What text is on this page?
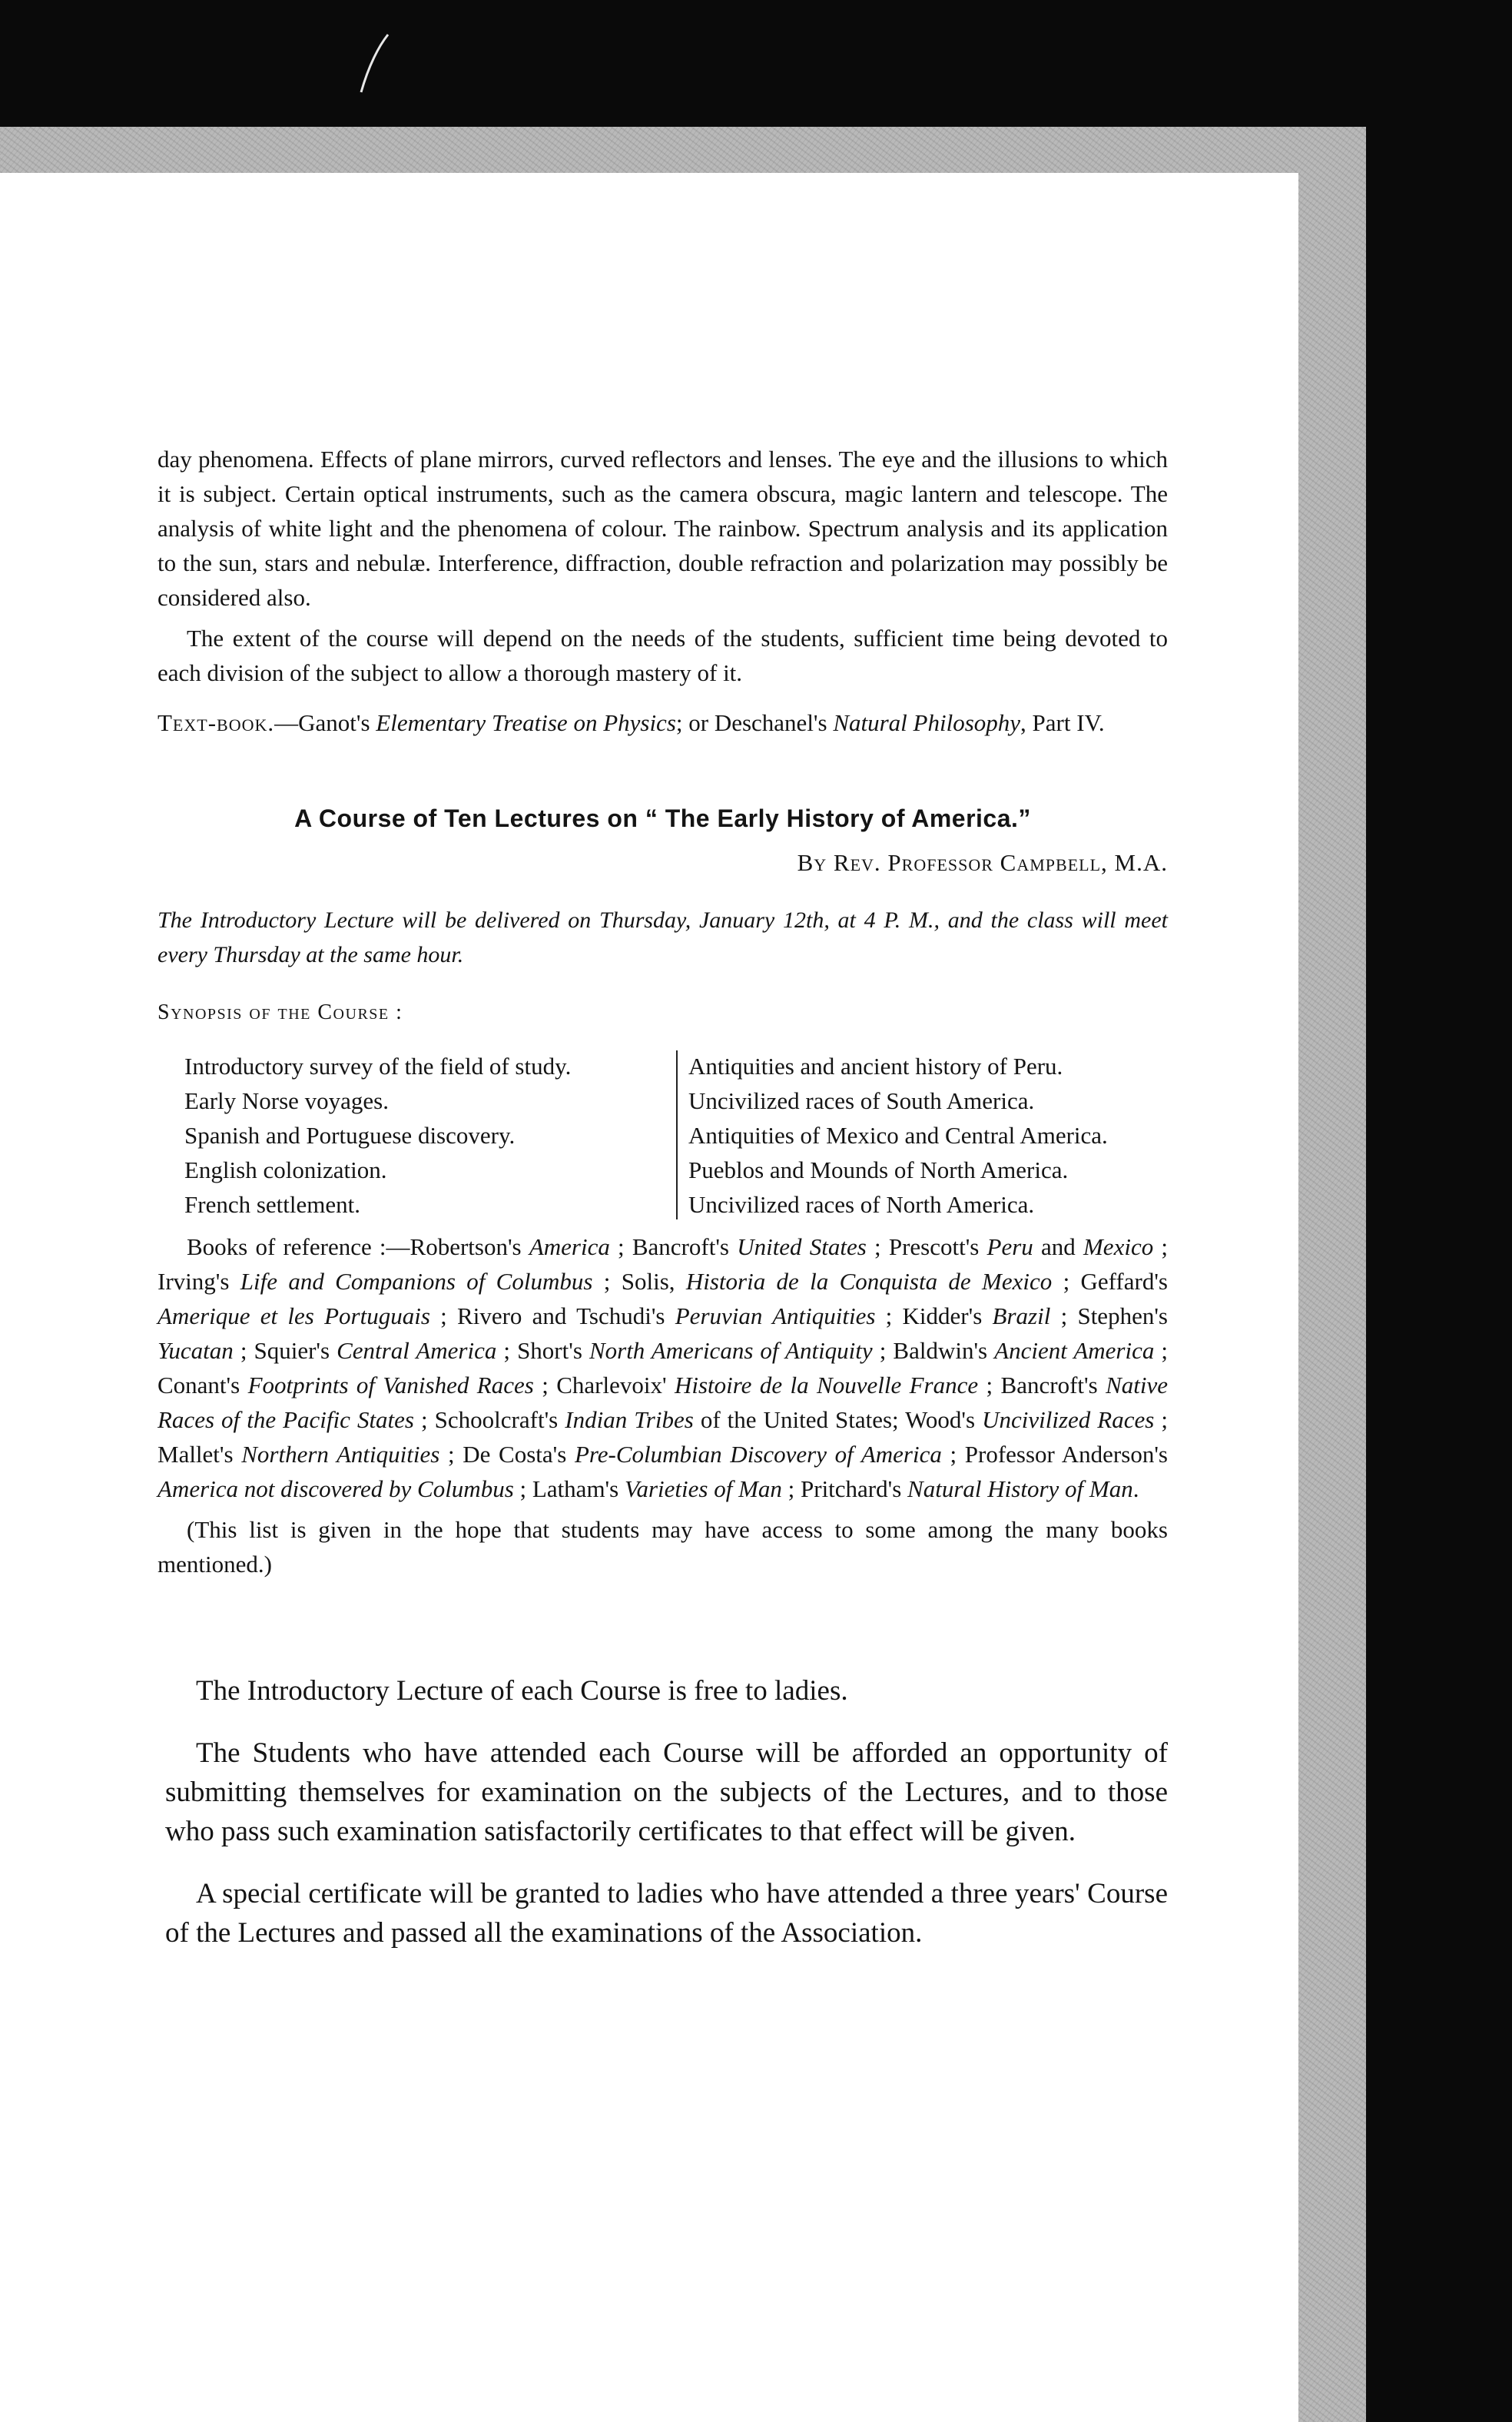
day phenomena. Effects of plane mirrors, curved reflectors and lenses. The eye and the illusions to which it is subject. Certain optical instruments, such as the camera obscura, magic lantern and telescope. The analysis of white light and the phenomena of colour. The rainbow. Spectrum analysis and its application to the sun, stars and nebulæ. Interference, diffraction, double refraction and polarization may possibly be considered also.

The extent of the course will depend on the needs of the students, sufficient time being devoted to each division of the subject to allow a thorough mastery of it.

Text-book.—Ganot's Elementary Treatise on Physics; or Deschanel's Natural Philosophy, Part IV.

A Course of Ten Lectures on “ The Early History of America.”

By Rev. Professor Campbell, M.A.

The Introductory Lecture will be delivered on Thursday, January 12th, at 4 P. M., and the class will meet every Thursday at the same hour.

Synopsis of the Course :

Introductory survey of the field of study.
Early Norse voyages.
Spanish and Portuguese discovery.
English colonization.
French settlement.
Antiquities and ancient history of Peru.
Uncivilized races of South America.
Antiquities of Mexico and Central America.
Pueblos and Mounds of North America.
Uncivilized races of North America.

Books of reference :—Robertson's America ; Bancroft's United States ; Prescott's Peru and Mexico ; Irving's Life and Companions of Columbus ; Solis, Historia de la Conquista de Mexico ; Geffard's Amerique et les Portuguais ; Rivero and Tschudi's Peruvian Antiquities ; Kidder's Brazil ; Stephen's Yucatan ; Squier's Central America ; Short's North Americans of Antiquity ; Baldwin's Ancient America ; Conant's Footprints of Vanished Races ; Charlevoix' Histoire de la Nouvelle France ; Bancroft's Native Races of the Pacific States ; Schoolcraft's Indian Tribes of the United States; Wood's Uncivilized Races ; Mallet's Northern Antiquities ; De Costa's Pre-Columbian Discovery of America ; Professor Anderson's America not discovered by Columbus ; Latham's Varieties of Man ; Pritchard's Natural History of Man.

(This list is given in the hope that students may have access to some among the many books mentioned.)

The Introductory Lecture of each Course is free to ladies.

The Students who have attended each Course will be afforded an opportunity of submitting themselves for examination on the subjects of the Lectures, and to those who pass such examination satisfactorily certificates to that effect will be given.

A special certificate will be granted to ladies who have attended a three years' Course of the Lectures and passed all the examinations of the Association.
